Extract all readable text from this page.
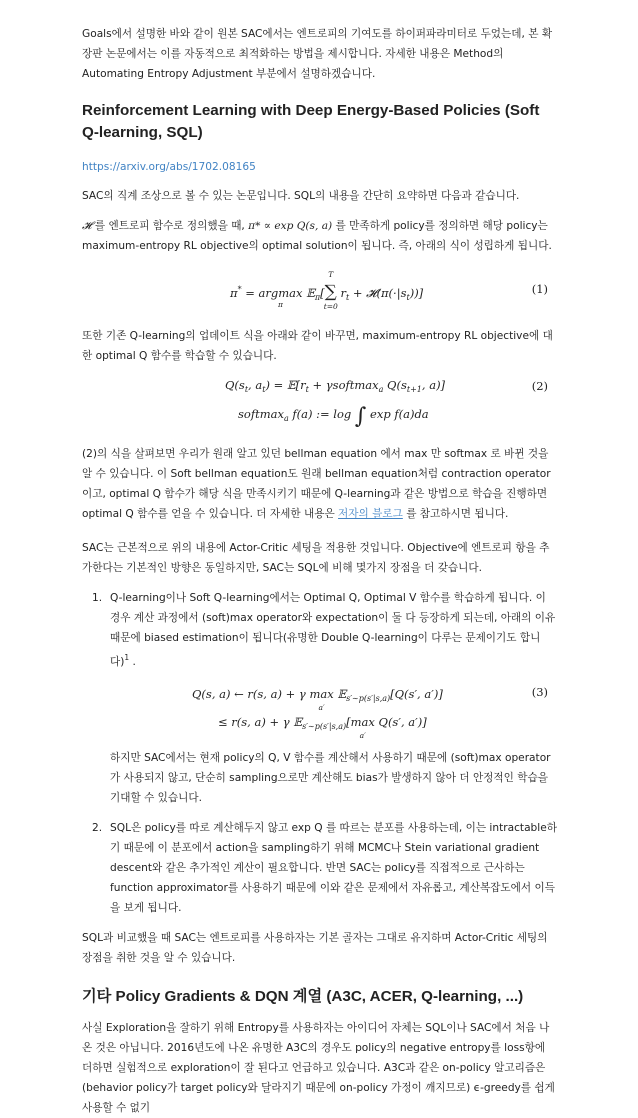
Goals에서 설명한 바와 같이 원본 SAC에서는 엔트로피의 기여도를 하이퍼파라미터로 두었는데, 본 확장판 논문에서는 이를 자동적으로 최적화하는 방법을 제시합니다. 자세한 내용은 Method의 Automating Entropy Adjustment 부분에서 설명하겠습니다.

Reinforcement Learning with Deep Energy-Based Policies (Soft Q-learning, SQL)
https://arxiv.org/abs/1702.08165

SAC의 직계 조상으로 볼 수 있는 논문입니다. SQL의 내용을 간단히 요약하면 다음과 같습니다.

𝓗 를 엔트로피 함수로 정의했을 때, π* ∝ exp Q(s, a) 를 만족하게 policy를 정의하면 해당 policy는 maximum-entropy RL objective의 optimal solution이 됩니다. 즉, 아래의 식이 성립하게 됩니다.

π* = argmax
π
𝔼$_\pi$[∑
T
t=0
$r_t$ + $𝓗(\pi(\cdot|s_t))$]	(1)

또한 기존 Q-learning의 업데이트 식을 아래와 같이 바꾸면, maximum-entropy RL objective에 대한 optimal Q 함수를 학습할 수 있습니다.

$Q(s_t$, $a_t$) = $𝔼[r_t$ + γsoftmax$_a$ $Q(s_{t+1}$, a)]
softmax$_a$ f(a) := log ∫ exp f(a)da
(2)

(2)의 식을 살펴보면 우리가 원래 알고 있던 bellman equation 에서 max 만 softmax 로 바뀐 것을 알 수 있습니다. 이 Soft bellman equation도 원래 bellman equation처럼 contraction operator이고, optimal Q 함수가 해당 식을 만족시키기 때문에 Q-learning과 같은 방법으로 학습을 진행하면 optimal Q 함수를 얻을 수 있습니다. 더 자세한 내용은 저자의 블로그 를 참고하시면 됩니다.

SAC는 근본적으로 위의 내용에 Actor-Critic 세팅을 적용한 것입니다. Objective에 엔트로피 항을 추가한다는 기본적인 방향은 동일하지만, SAC는 SQL에 비해 몇가지 장점을 더 갖습니다.

1. Q-learning이나 Soft Q-learning에서는 Optimal Q, Optimal V 함수를 학습하게 됩니다. 이 경우 계산 과정에서 (soft)max operator와 expectation이 둘 다 등장하게 되는데, 아래의 이유 때문에 biased estimation이 됩니다(유명한 Double Q-learning이 다루는 문제이기도 합니다)$^1$ .
Q(s, a) ← r(s, a) + γ max
a′
𝔼$_{s'\sim p(s'|s,a)}$[Q(s′, a′)]
≤ r(s, a) + γ 𝔼$_{s'\sim p(s'|s,a)}$[max
a′
Q(s′, a′)]
(3)

하지만 SAC에서는 현재 policy의 Q, V 함수를 계산해서 사용하기 때문에 (soft)max operator가 사용되지 않고, 단순히 sampling으로만 계산해도 bias가 발생하지 않아 더 안정적인 학습을 기대할 수 있습니다.

2. SQL은 policy를 따로 계산해두지 않고 exp Q 를 따르는 분포를 사용하는데, 이는 intractable하기 때문에 이 분포에서 action을 sampling하기 위해 MCMC나 Stein variational gradient descent와 같은 추가적인 계산이 필요합니다. 반면 SAC는 policy를 직접적으로 근사하는 function approximator를 사용하기 때문에 이와 같은 문제에서 자유롭고, 계산복잡도에서 이득을 보게 됩니다.

SQL과 비교했을 때 SAC는 엔트로피를 사용하자는 기본 골자는 그대로 유지하며 Actor-Critic 세팅의 장점을 취한 것을 알 수 있습니다.

기타 Policy Gradients & DQN 계열 (A3C, ACER, Q-learning, ...)

사실 Exploration을 잘하기 위해 Entropy를 사용하자는 아이디어 자체는 SQL이나 SAC에서 처음 나온 것은 아닙니다. 2016년도에 나온 유명한 A3C의 경우도 policy의 negative entropy를 loss항에 더하면 실험적으로 exploration이 잘 된다고 언급하고 있습니다. A3C과 같은 on-policy 알고리즘은 (behavior policy가 target policy와 달라지기 때문에 on-policy 가정이 깨지므로) ϵ-greedy를 쉽게 사용할 수 없기
